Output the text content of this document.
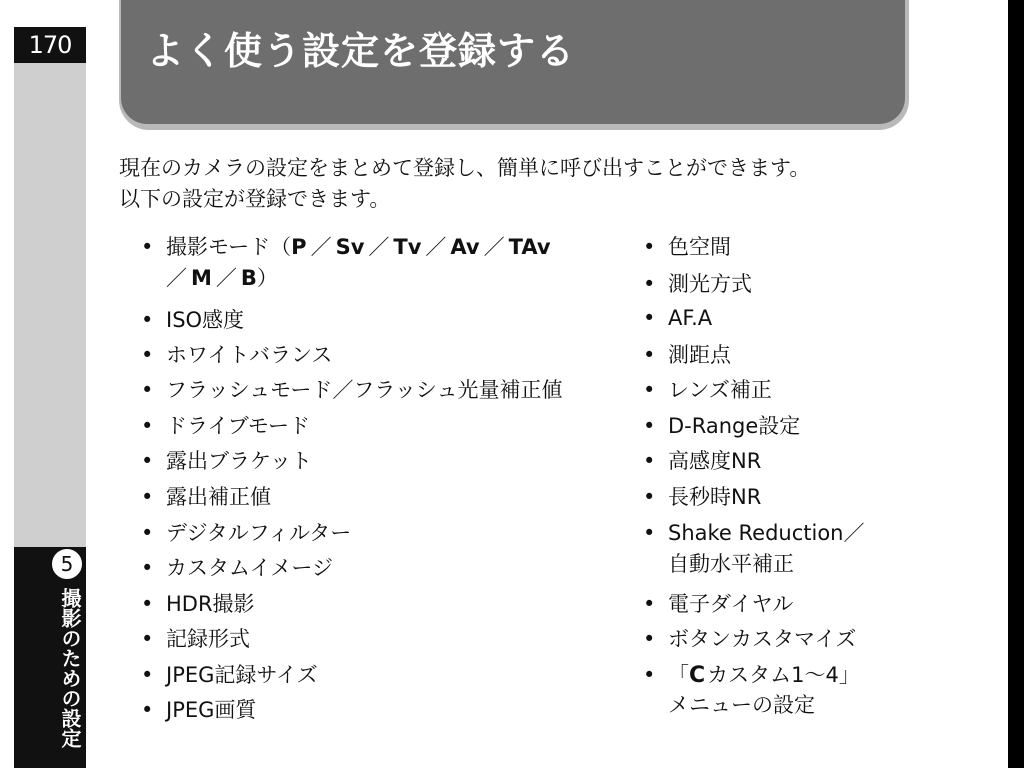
170
5
撮影のための設定
よく使う設定を登録する

現在のカメラの設定をまとめて登録し、簡単に呼び出すことができます。

以下の設定が登録できます。

• 撮影モード（P ／ Sv ／ Tv ／ Av ／ TAv
／ M ／ B）
• ISO感度
• ホワイトバランス
• フラッシュモード／フラッシュ光量補正値
• ドライブモード
• 露出ブラケット
• 露出補正値
• デジタルフィルター
• カスタムイメージ
• HDR撮影
• 記録形式
• JPEG記録サイズ
• JPEG画質
• 色空間
• 測光方式
• AF.A
• 測距点
• レンズ補正
• D-Range設定
• 高感度NR
• 長秒時NR
• Shake Reduction／
自動水平補正
• 電子ダイヤル
• ボタンカスタマイズ
• 「Cカスタム1～4」
メニューの設定
